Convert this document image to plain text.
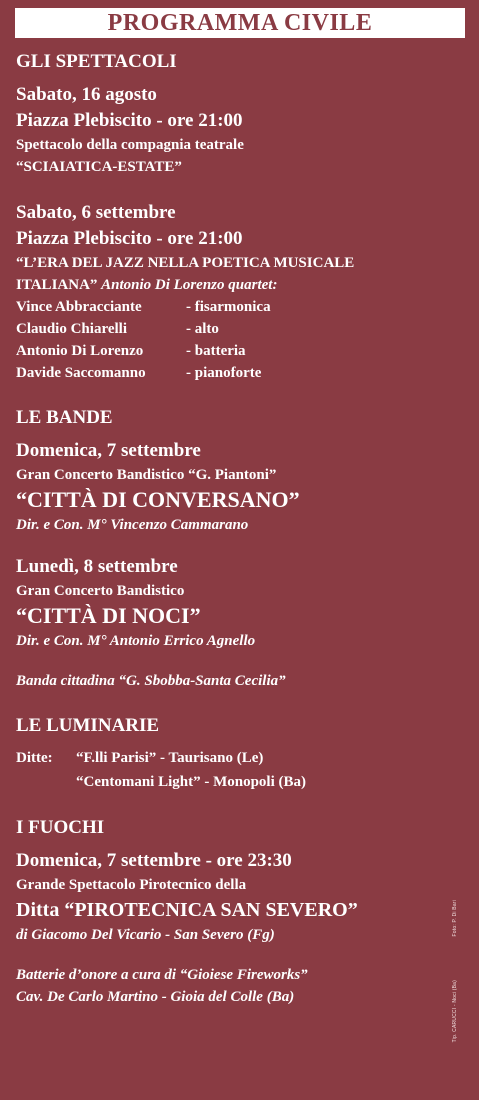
PROGRAMMA CIVILE
GLI SPETTACOLI
Sabato, 16 agosto
Piazza Plebiscito - ore 21:00
Spettacolo della compagnia teatrale
“SCIAIATICA-ESTATE”
Sabato, 6 settembre
Piazza Plebiscito - ore 21:00
“L’ERA DEL JAZZ NELLA POETICA MUSICALE
ITALIANA” Antonio Di Lorenzo quartet:
Vince Abbracciante	- fisarmonica
Claudio Chiarelli	- alto
Antonio Di Lorenzo	- batteria
Davide Saccomanno	- pianoforte
LE BANDE
Domenica, 7 settembre
Gran Concerto Bandistico “G. Piantoni”
“CITTÀ DI CONVERSANO”
Dir. e Con. M° Vincenzo Cammarano
Lunedì, 8 settembre
Gran Concerto Bandistico
“CITTÀ DI NOCI”
Dir. e Con. M° Antonio Errico Agnello
Banda cittadina “G. Sbobba-Santa Cecilia”
LE LUMINARIE
Ditte:	“F.lli Parisi” - Taurisano (Le)
“Centomani Light” - Monopoli (Ba)
I FUOCHI
Domenica, 7 settembre - ore 23:30
Grande Spettacolo Pirotecnico della
Ditta “PIROTECNICA SAN SEVERO”
di Giacomo Del Vicario - San Severo (Fg)
Batterie d’onore a cura di “Gioiese Fireworks”
Cav. De Carlo Martino - Gioia del Colle (Ba)
Foto: P. Di Bari
Tip. CARUCCI - Noci (Ba)
